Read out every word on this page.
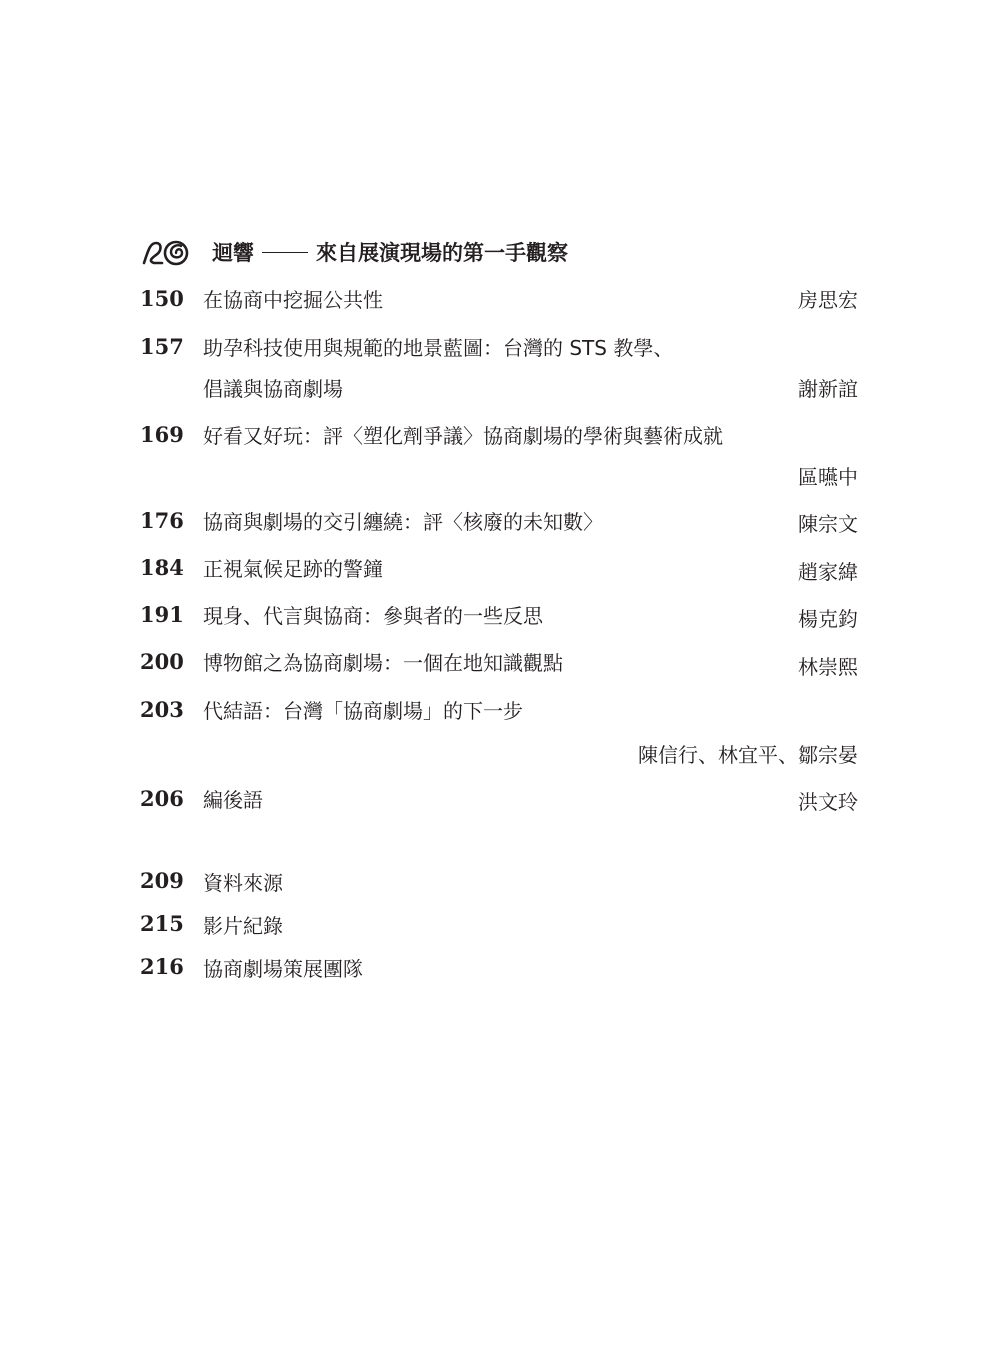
迴響	來自展演現場的第一手觀察
150 在協商中挖掘公共性	房思宏
157 助孕科技使用與規範的地景藍圖：台灣的 STS 教學、
倡議與協商劇場	謝新誼
169 好看又好玩：評〈塑化劑爭議〉協商劇場的學術與藝術成就
區曣中
176 協商與劇場的交引纏繞：評〈核廢的未知數〉	陳宗文
184 正視氣候足跡的警鐘	趙家緯
191 現身、代言與協商：參與者的一些反思	楊克鈞
200 博物館之為協商劇場：一個在地知識觀點	林崇熙
203 代結語：台灣「協商劇場」的下一步
陳信行、林宜平、鄒宗晏
206 編後語	洪文玲
209 資料來源
215 影片紀錄
216 協商劇場策展團隊
